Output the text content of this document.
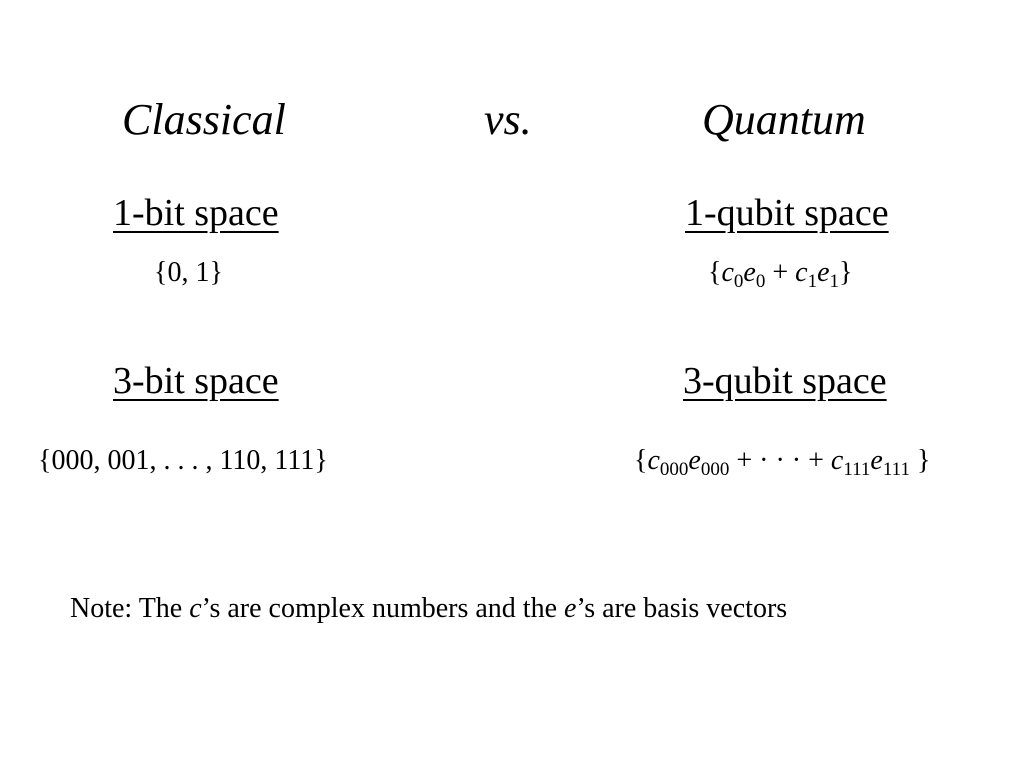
Classical	vs.	Quantum
1-bit space	1-qubit space
{0, 1}	$\{c_0e_0 + c_1e_1\}$
3-bit space	3-qubit space
{000, 001, . . . , 110, 111}	{$c_{000}e_{000}$ + · · · + $c_{111}e_{111}$ }
Note: The c’s are complex numbers and the e’s are basis vectors
